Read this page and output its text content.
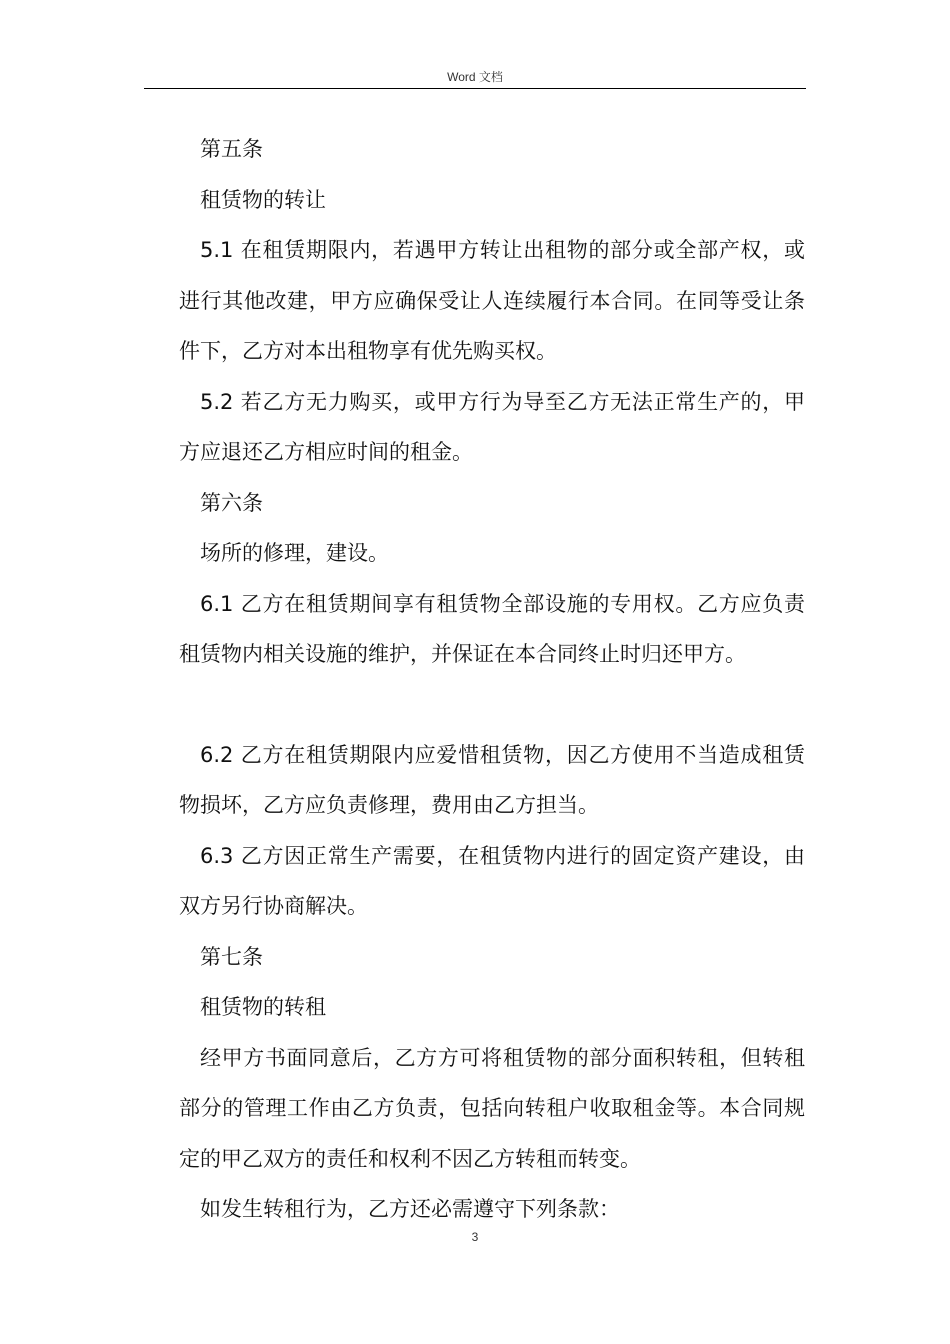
Word 文档

第五条

租赁物的转让

5.1 在租赁期限内，若遇甲方转让出租物的部分或全部产权，或进行其他改建，甲方应确保受让人连续履行本合同。在同等受让条件下，乙方对本出租物享有优先购买权。

5.2 若乙方无力购买，或甲方行为导至乙方无法正常生产的，甲方应退还乙方相应时间的租金。

第六条

场所的修理，建设。

6.1 乙方在租赁期间享有租赁物全部设施的专用权。乙方应负责租赁物内相关设施的维护，并保证在本合同终止时归还甲方。

6.2 乙方在租赁期限内应爱惜租赁物，因乙方使用不当造成租赁物损坏，乙方应负责修理，费用由乙方担当。

6.3 乙方因正常生产需要，在租赁物内进行的固定资产建设，由双方另行协商解决。

第七条

租赁物的转租

经甲方书面同意后，乙方方可将租赁物的部分面积转租，但转租部分的管理工作由乙方负责，包括向转租户收取租金等。本合同规定的甲乙双方的责任和权利不因乙方转租而转变。

如发生转租行为，乙方还必需遵守下列条款：

3
